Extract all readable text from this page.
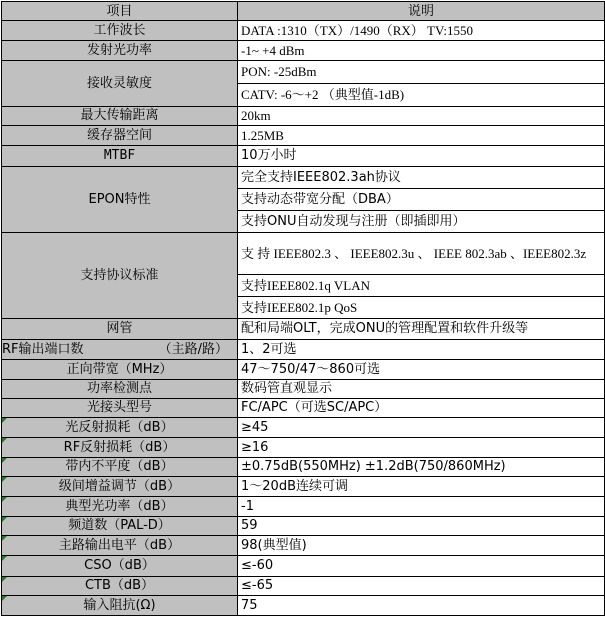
项目	说明
工作波长	DATA :1310（TX）/1490（RX） TV:1550
发射光功率	-1~ +4 dBm
接收灵敏度	PON: -25dBm
	CATV: -6～+2 （典型值-1dB)
最大传输距离	20km
缓存器空间	1.25MB
MTBF	10万小时
EPON特性	完全支持IEEE802.3ah协议
	支持动态带宽分配（DBA）
	支持ONU自动发现与注册（即插即用）
支持协议标准	支 持 IEEE802.3 、 IEEE802.3u 、 IEEE 802.3ab 、IEEE802.3z
	支持IEEE802.1q VLAN
	支持IEEE802.1p QoS
网管	配和局端OLT，完成ONU的管理配置和软件升级等

RF输出端口数 （主路/路）	1、2可选
正向带宽（MHz）	47～750/47～860可选
功率检测点	数码管直观显示
光接头型号	FC/APC（可选SC/APC）
光反射损耗（dB）	≥45
RF反射损耗（dB）	≥16
带内不平度（dB）	±0.75dB(550MHz) ±1.2dB(750/860MHz)
级间增益调节（dB）	1～20dB连续可调
典型光功率（dB）	-1
频道数（PAL-D）	59
主路输出电平（dB）	98(典型值)
CSO（dB）	≤-60
CTB（dB）	≤-65
输入阻抗(Ω)	75
